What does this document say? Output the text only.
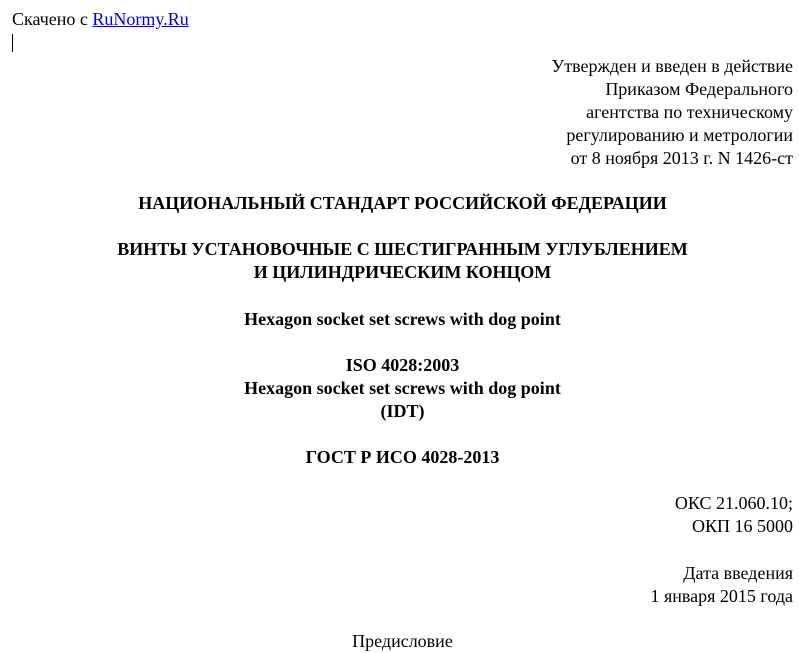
Скачено с RuNormy.Ru
Утвержден и введен в действие
Приказом Федерального
агентства по техническому
регулированию и метрологии
от 8 ноября 2013 г. N 1426-ст
НАЦИОНАЛЬНЫЙ СТАНДАРТ РОССИЙСКОЙ ФЕДЕРАЦИИ
ВИНТЫ УСТАНОВОЧНЫЕ С ШЕСТИГРАННЫМ УГЛУБЛЕНИЕМ
И ЦИЛИНДРИЧЕСКИМ КОНЦОМ
Hexagon socket set screws with dog point
ISO 4028:2003
Hexagon socket set screws with dog point
(IDT)
ГОСТ Р ИСО 4028-2013
ОКС 21.060.10;
ОКП 16 5000
Дата введения
1 января 2015 года
Предисловие
